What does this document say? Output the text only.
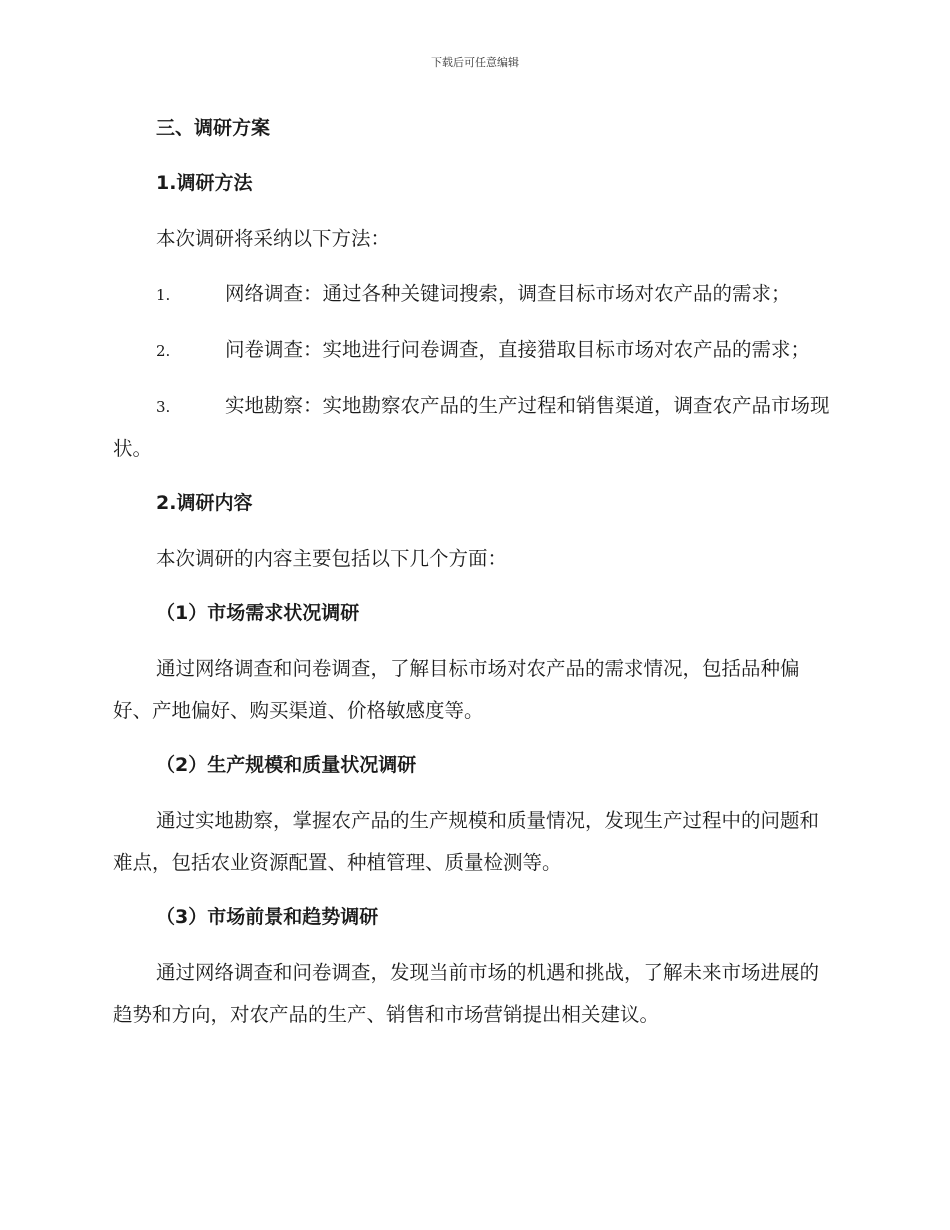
下载后可任意编辑
三、调研方案
1.调研方法
本次调研将采纳以下方法：
1.	网络调查：通过各种关键词搜索，调查目标市场对农产品的需求；
2.	问卷调查：实地进行问卷调查，直接猎取目标市场对农产品的需求；
3.	实地勘察：实地勘察农产品的生产过程和销售渠道，调查农产品市场现状。
2.调研内容
本次调研的内容主要包括以下几个方面：
（1）市场需求状况调研
通过网络调查和问卷调查，了解目标市场对农产品的需求情况，包括品种偏好、产地偏好、购买渠道、价格敏感度等。
（2）生产规模和质量状况调研
通过实地勘察，掌握农产品的生产规模和质量情况，发现生产过程中的问题和难点，包括农业资源配置、种植管理、质量检测等。
（3）市场前景和趋势调研
通过网络调查和问卷调查，发现当前市场的机遇和挑战，了解未来市场进展的趋势和方向，对农产品的生产、销售和市场营销提出相关建议。
